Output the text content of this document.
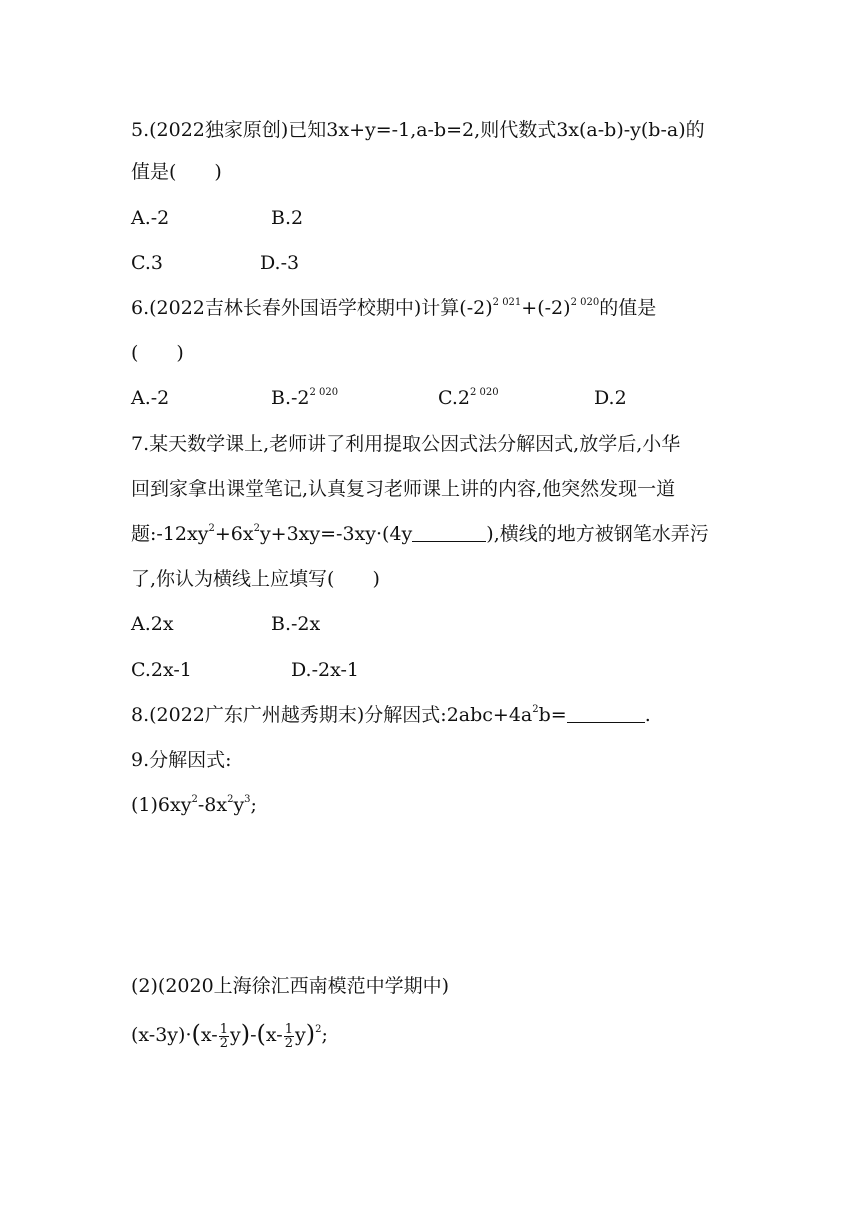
5.(2022独家原创)已知3x+y=-1,a-b=2,则代数式3x(a-b)-y(b-a)的
值是(　　)
A.-2	B.2
C.3	D.-3
6.(2022吉林长春外国语学校期中)计算$(-2)^{2 021}+(-2)^{2 020}$的值是
(　　)
A.-2	$B.-2^{2 020}$	$C.2^{2 020}$	D.2
7.某天数学课上,老师讲了利用提取公因式法分解因式,放学后,小华
回到家拿出课堂笔记,认真复习老师课上讲的内容,他突然发现一道
题$:-12xy^2+6x^2y+3xy=-3xy\cdot(4y$	),横线的地方被钢笔水弄污
了,你认为横线上应填写(　　)
A.2x	B.-2x
C.2x-1	D.-2x-1
8.(2022广东广州越秀期末)分解因式$:2abc+4a^2b=$	.
9.分解因式:
$(1)6xy^2-8x^2y^3$;
(2)(2020上海徐汇西南模范中学期中)
$(x-3y)\cdot(x- \frac{1}{2} y)-(x- \frac{1}{2} y)^2$;
